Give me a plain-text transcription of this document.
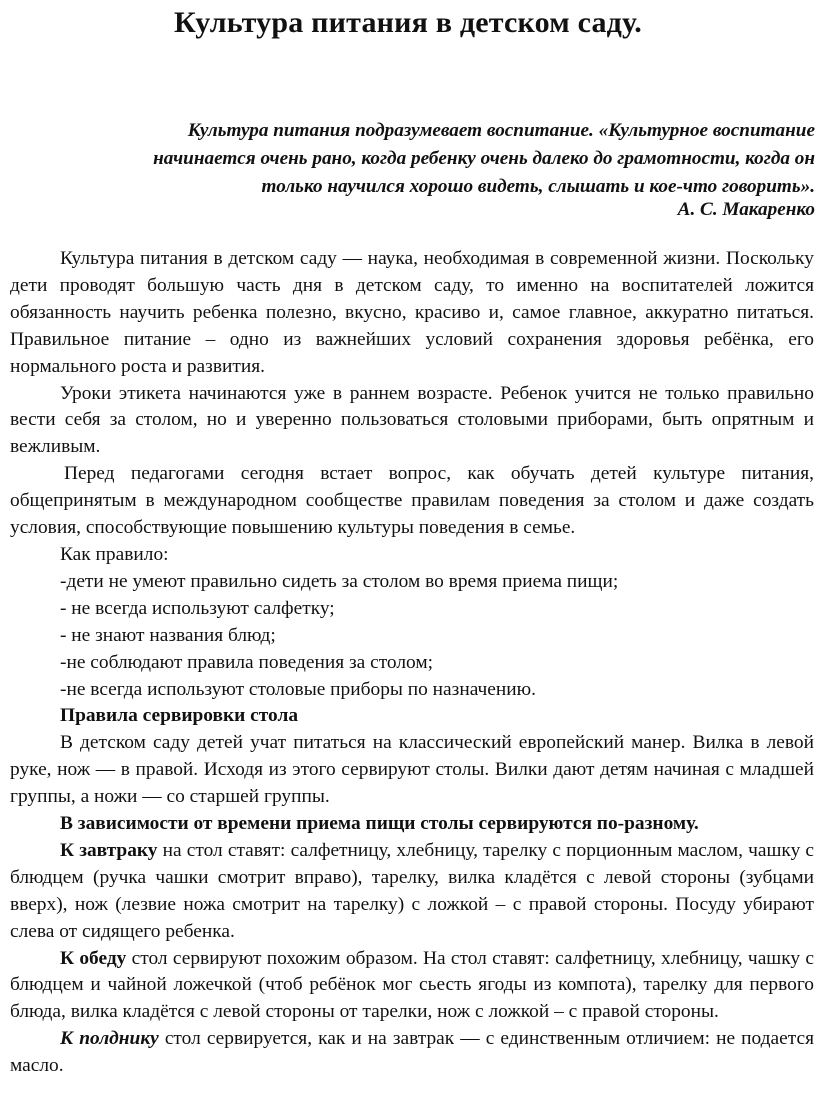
Культура питания в детском саду.
Культура питания подразумевает воспитание. «Культурное воспитание
начинается очень рано, когда ребенку очень далеко до грамотности, когда он
только научился хорошо видеть, слышать и кое-что говорить».
А. С. Макаренко

Культура питания в детском саду — наука, необходимая в современной жизни. Поскольку дети проводят большую часть дня в детском саду, то именно на воспитателей ложится обязанность научить ребенка полезно, вкусно, красиво и, самое главное, аккуратно питаться. Правильное питание – одно из важнейших условий сохранения здоровья ребёнка, его нормального роста и развития.

Уроки этикета начинаются уже в раннем возрасте. Ребенок учится не только правильно вести себя за столом, но и уверенно пользоваться столовыми приборами, быть опрятным и вежливым.

Перед педагогами сегодня встает вопрос, как обучать детей культуре питания, общепринятым в международном сообществе правилам поведения за столом и даже создать условия, способствующие повышению культуры поведения в семье.

Как правило:

-дети не умеют правильно сидеть за столом во время приема пищи;

- не всегда используют салфетку;

- не знают названия блюд;

-не соблюдают правила поведения за столом;

-не всегда используют столовые приборы по назначению.

Правила сервировки стола

В детском саду детей учат питаться на классический европейский манер. Вилка в левой руке, нож — в правой. Исходя из этого сервируют столы. Вилки дают детям начиная с младшей группы, а ножи — со старшей группы.

В зависимости от времени приема пищи столы сервируются по-разному.

К завтраку на стол ставят: салфетницу, хлебницу, тарелку с порционным маслом, чашку с блюдцем (ручка чашки смотрит вправо), тарелку, вилка кладётся с левой стороны (зубцами вверх), нож (лезвие ножа смотрит на тарелку) с ложкой – с правой стороны. Посуду убирают слева от сидящего ребенка.

К обеду стол сервируют похожим образом. На стол ставят: салфетницу, хлебницу, чашку с блюдцем и чайной ложечкой (чтоб ребёнок мог сьесть ягоды из компота), тарелку для первого блюда, вилка кладётся с левой стороны от тарелки, нож с ложкой – с правой стороны.

К полднику стол сервируется, как и на завтрак — с единственным отличием: не подается масло.
